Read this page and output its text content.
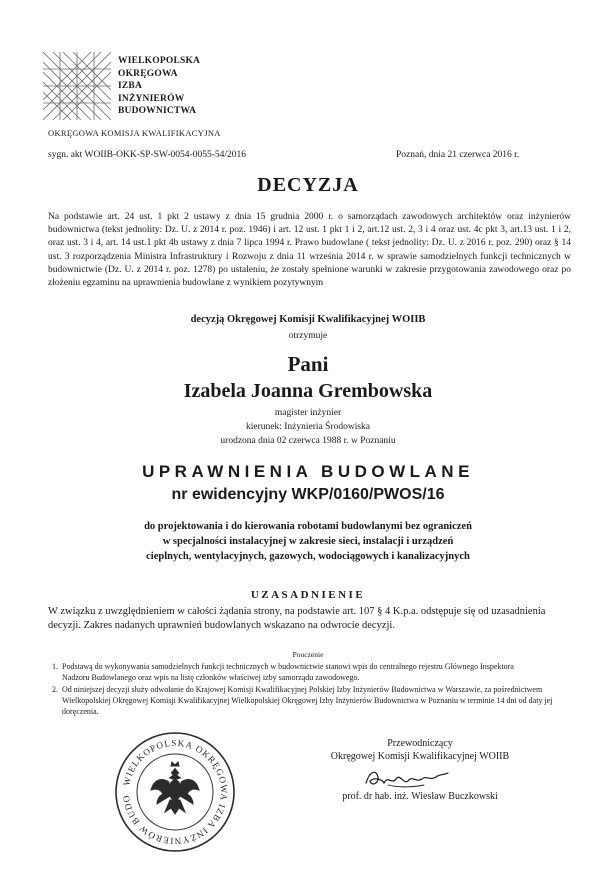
WIELKOPOLSKA
OKRĘGOWA
IZBA
INŻYNIERÓW
BUDOWNICTWA
OKRĘGOWA KOMISJA KWALIFIKACYJNA
sygn. akt WOIIB-OKK-SP-SW-0054-0055-54/2016	Poznań, dnia 21 czerwca 2016 r.
DECYZJA
Na podstawie art. 24 ust. 1 pkt 2 ustawy z dnia 15 grudnia 2000 r. o samorządach zawodowych architektów oraz inżynierów budownictwa (tekst jednolity: Dz. U. z 2014 r. poz. 1946) i art. 12 ust. 1 pkt 1 i 2, art.12 ust. 2, 3 i 4 oraz ust. 4c pkt 3, art.13 ust. 1 i 2, oraz ust. 3 i 4, art. 14 ust.1 pkt 4b ustawy z dnia 7 lipca 1994 r. Prawo budowlane ( tekst jednolity: Dz. U. z 2016 r. poz. 290) oraz § 14 ust. 3 rozporządzenia Ministra Infrastruktury i Rozwoju z dnia 11 września 2014 r. w sprawie samodzielnych funkcji technicznych w budownictwie (Dz. U. z 2014 r. poz. 1278) po ustaleniu, że zostały spełnione warunki w zakresie przygotowania zawodowego oraz po złożeniu egzaminu na uprawnienia budowlane z wynikiem pozytywnym
decyzją Okręgowej Komisji Kwalifikacyjnej WOIIB
otrzymuje
Pani
Izabela Joanna Grembowska
magister inżynier
kierunek: Inżynieria Środowiska
urodzona dnia 02 czerwca 1988 r. w Poznaniu
UPRAWNIENIA BUDOWLANE
nr ewidencyjny WKP/0160/PWOS/16
do projektowania i do kierowania robotami budowlanymi bez ograniczeń
w specjalności instalacyjnej w zakresie sieci, instalacji i urządzeń
cieplnych, wentylacyjnych, gazowych, wodociągowych i kanalizacyjnych
UZASADNIENIE
W związku z uwzględnieniem w całości żądania strony, na podstawie art. 107 § 4 K.p.a. odstępuje się od uzasadnienia decyzji. Zakres nadanych uprawnień budowlanych wskazano na odwrocie decyzji.
Pouczenie
1. Podstawą do wykonywania samodzielnych funkcji technicznych w budownictwie stanowi wpis do centralnego rejestru Głównego Inspektora Nadzoru Budowlanego oraz wpis na listę członków właściwej izby samorządu zawodowego.
2. Od niniejszej decyzji służy odwołanie do Krajowej Komisji Kwalifikacyjnej Polskiej Izby Inżynierów Budownictwa w Warszawie, za pośrednictwem Wielkopolskiej Okręgowej Komisji Kwalifikacyjnej Wielkopolskiej Okręgowej Izby Inżynierów Budownictwa w Poznaniu w terminie 14 dni od daty jej doręczenia.
WIELKOPOLSKA OKRĘGOWA IZBA INŻYNIERÓW BUDO
Przewodniczący
Okręgowej Komisji Kwalifikacyjnej WOIIB
prof. dr hab. inż. Wiesław Buczkowski
